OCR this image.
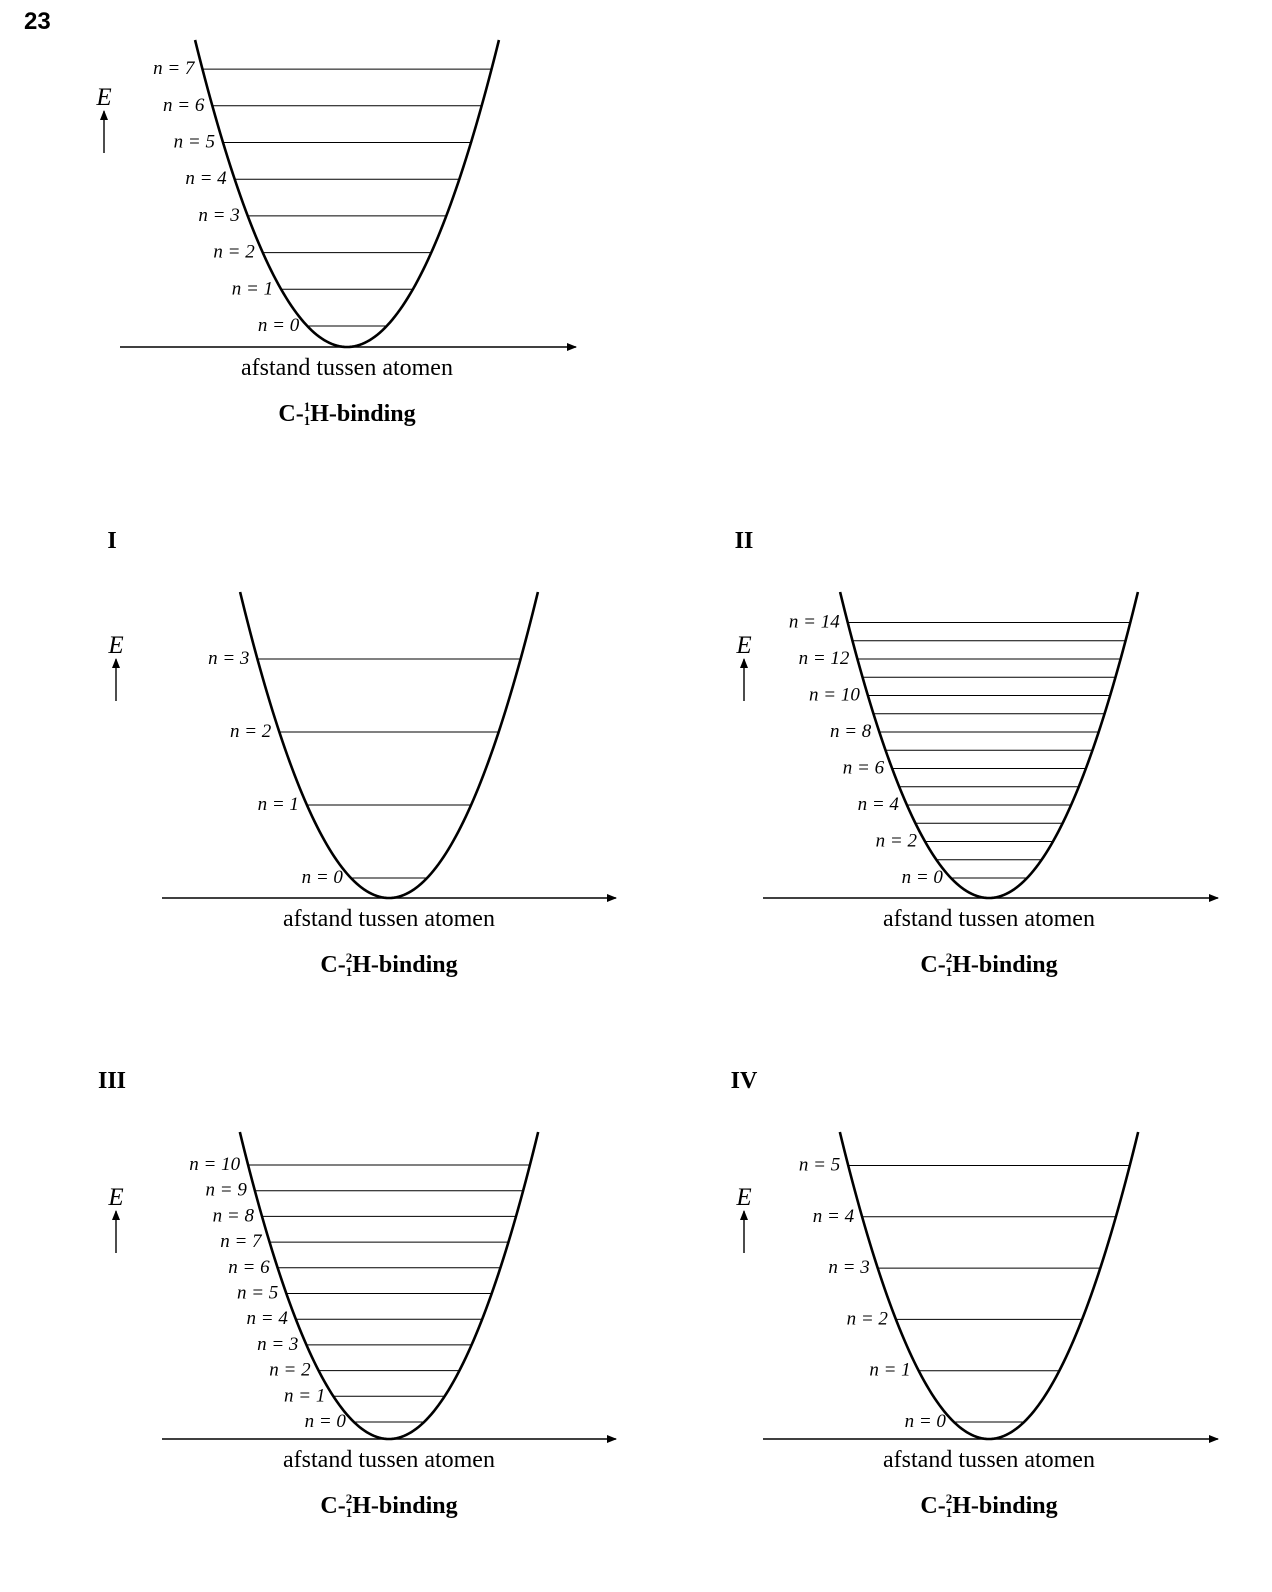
23
E
n = 0
n = 1
n = 2
n = 3
n = 4
n = 5
n = 6
n = 7
afstand tussen atomen
C- 1
1 H-binding
I
E
n = 0
n = 1
n = 2
n = 3
afstand tussen atomen
C- 2
1 H-binding
II
E
n = 0
n = 2
n = 4
n = 6
n = 8
n = 10
n = 12
n = 14
afstand tussen atomen
C- 2
1 H-binding
III
E
n = 0
n = 1
n = 2
n = 3
n = 4
n = 5
n = 6
n = 7
n = 8
n = 9
n = 10
afstand tussen atomen
C- 2
1 H-binding
IV
E
n = 0
n = 1
n = 2
n = 3
n = 4
n = 5
afstand tussen atomen
C- 2
1 H-binding
